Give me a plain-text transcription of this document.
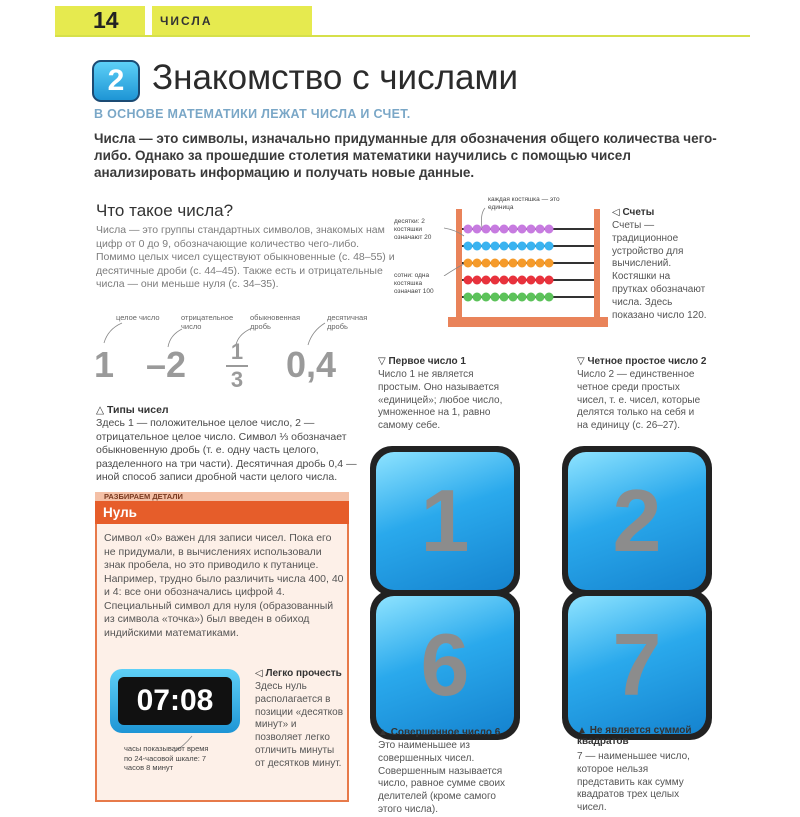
14	ЧИСЛА
2 Знакомство с числами
В ОСНОВЕ МАТЕМАТИКИ ЛЕЖАТ ЧИСЛА И СЧЕТ.
Числа — это символы, изначально придуманные для обозначения общего количества чего-либо. Однако за прошедшие столетия математики научились с помощью чисел анализировать информацию и получать новые данные.
Что такое числа?
Числа — это группы стандартных символов, знакомых нам цифр от 0 до 9, обозначающие количество чего-либо. Помимо целых чисел существуют обыкновенные (с. 48–55) и десятичные дроби (с. 44–45). Также есть и отрицательные числа — они меньше нуля (с. 34–35).
целое число	отрицательное число
обыкновенная дробь
десятичная дробь
1 –2	1
3 0,4
△ Типы чисел
Здесь 1 — положительное целое число, 2 — отрицательное целое число. Символ ⅓ обозначает обыкновенную дробь (т. е. одну часть целого, разделенного на три части). Десятичная дробь 0,4 — иной способ записи дробной части целого числа.
РАЗБИРАЕМ ДЕТАЛИ
Нуль
Символ «0» важен для записи чисел. Пока его не придумали, в вычислениях использовали знак пробела, но это приводило к путанице. Например, трудно было различить числа 400, 40 и 4: все они обозначались цифрой 4. Специальный символ для нуля (образованный из символа «точка») был введен в обиход индийскими математиками.
07:08
часы показывают время по 24-часовой шкале: 7 часов 8 минут
◁ Легко прочесть
Здесь нуль располагается в позиции «десятков минут» и позволяет легко отличить минуты от десятков минут.
каждая костяшка — это единица
десятки: 2 костяшки означают 20
сотни: одна костяшка означает 100
◁ Счеты
Счеты — традиционное устройство для вычислений. Костяшки на прутках обозначают числа. Здесь показано число 120.
▽ Первое число 1
Число 1 не является простым. Оно называется «единицей»; любое число, умноженное на 1, равно самому себе.
▽ Четное простое число 2
Число 2 — единственное четное среди простых чисел, т. е. чисел, которые делятся только на себя и на единицу (с. 26–27).
1	2
6	7
▲ Совершенное число 6
Это наименьшее из совершенных чисел. Совершенным называется число, равное сумме своих делителей (кроме самого этого числа).
▲ Не является суммой квадратов
7 — наименьшее число, которое нельзя представить как сумму квадратов трех целых чисел.
